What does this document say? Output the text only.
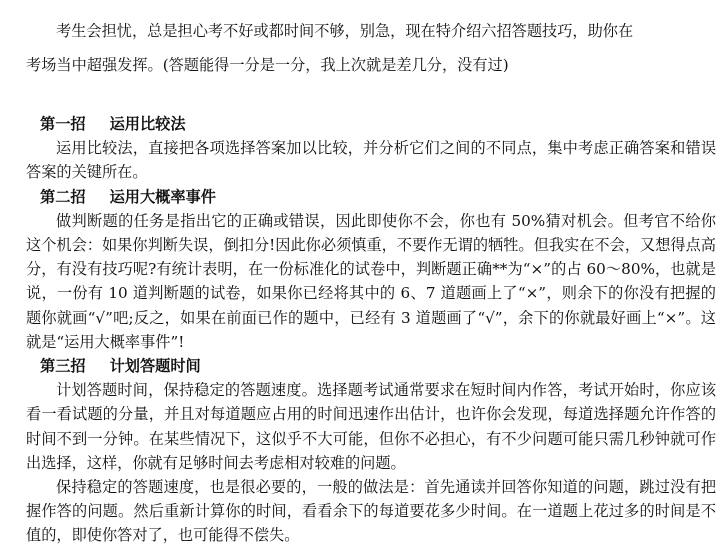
考生会担忧，总是担心考不好或都时间不够，别急，现在特介绍六招答题技巧，助你在

考场当中超强发挥。(答题能得一分是一分，我上次就是差几分，没有过)

第一招 运用比较法

运用比较法，直接把各项选择答案加以比较，并分析它们之间的不同点，集中考虑正确答案和错误答案的关键所在。

第二招 运用大概率事件

做判断题的任务是指出它的正确或错误，因此即使你不会，你也有 50%猜对机会。但考官不给你这个机会：如果你判断失误，倒扣分!因此你必须慎重，不要作无谓的牺牲。但我实在不会，又想得点高分，有没有技巧呢?有统计表明，在一份标准化的试卷中，判断题正确**为“×”的占 60～80%，也就是说，一份有 10 道判断题的试卷，如果你已经将其中的 6、7 道题画上了“×”，则余下的你没有把握的题你就画“√”吧;反之，如果在前面已作的题中，已经有 3 道题画了“√”，余下的你就最好画上“×”。这就是“运用大概率事件”!

第三招 计划答题时间

计划答题时间，保持稳定的答题速度。选择题考试通常要求在短时间内作答，考试开始时，你应该看一看试题的分量，并且对每道题应占用的时间迅速作出估计，也许你会发现，每道选择题允许作答的时间不到一分钟。在某些情况下，这似乎不大可能，但你不必担心，有不少问题可能只需几秒钟就可作出选择，这样，你就有足够时间去考虑相对较难的问题。

保持稳定的答题速度，也是很必要的，一般的做法是：首先通读并回答你知道的问题，跳过没有把握作答的问题。然后重新计算你的时间，看看余下的每道要花多少时间。在一道题上花过多的时间是不值的，即使你答对了，也可能得不偿失。
